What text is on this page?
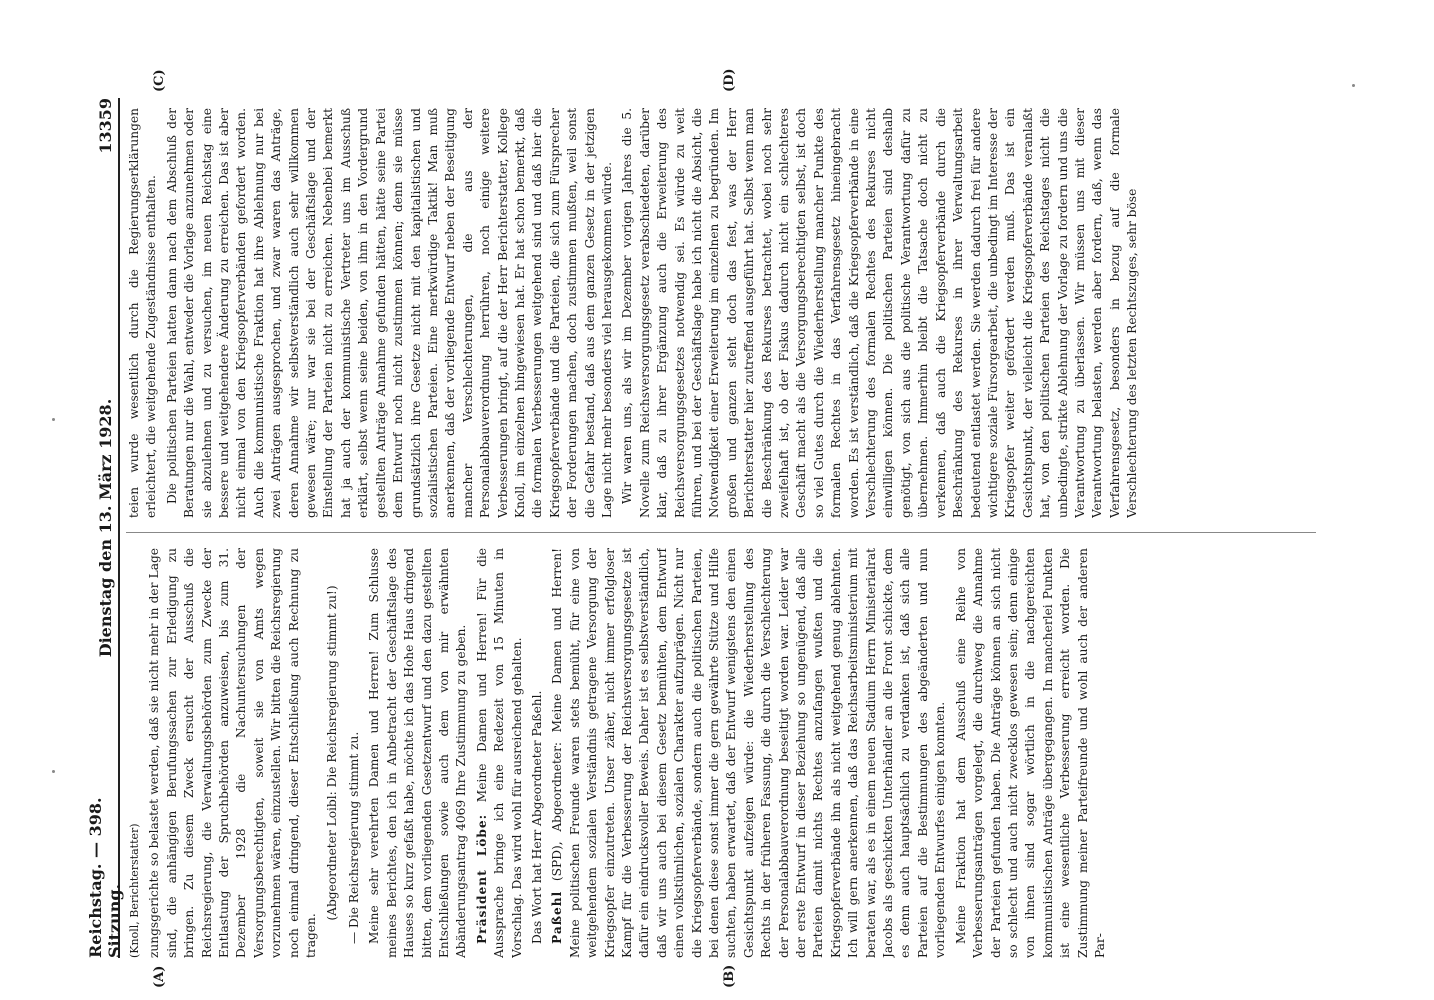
Reichstag. — 398. Sitzung.
Dienstag den 13. März 1928.
13359

(Knoll, Berichterstatter) zungsgerichte so belastet werden, daß sie nicht mehr in der Lage sind, die anhängigen Berufungssachen zur Erledigung zu bringen. Zu diesem Zweck ersucht der Ausschuß die Reichsregierung, die Verwaltungsbehörden zum Zwecke der Entlastung der Spruchbehörden anzuweisen, bis zum 31. Dezember 1928 die Nachuntersuchungen der Versorgungsberechtigten, soweit sie von Amts wegen vorzunehmen wären, einzustellen. Wir bitten die Reichsregierung noch einmal dringend, dieser Entschließung auch Rechnung zu tragen.

(Abgeordneter Loibl: Die Reichsregierung stimmt zu!) — Die Reichsregierung stimmt zu. Meine sehr verehrten Damen und Herren! Zum Schlusse meines Berichtes, den ich in Anbetracht der Geschäftslage des Hauses so kurz gefaßt habe, möchte ich das Hohe Haus dringend bitten, dem vorliegenden Gesetzentwurf und den dazu gestellten Entschließungen sowie auch dem von mir erwähnten Abänderungsantrag 4069 Ihre Zustimmung zu geben. Präsident Löbe: Meine Damen und Herren! Für die Aussprache bringe ich eine Redezeit von 15 Minuten in Vorschlag. Das wird wohl für ausreichend gehalten. Das Wort hat Herr Abgeordneter Paßehl. Paßehl (SPD), Abgeordneter: Meine Damen und Herren! Meine politischen Freunde waren stets bemüht, für eine von weitgehendem sozialen Verständnis getragene Versorgung der Kriegsopfer einzutreten. Unser zäher, nicht immer erfolgloser Kampf für die Verbesserung der Reichsversorgungsgesetze ist dafür ein eindrucksvoller Beweis. Daher ist es selbstverständlich, daß wir uns auch bei diesem Gesetz bemühten, dem Entwurf einen volkstümlichen, sozialen Charakter aufzuprägen. Nicht nur die Kriegsopferverbände, sondern auch die politischen Parteien, bei denen diese sonst immer die gern gewährte Stütze und Hilfe suchten, haben erwartet, daß der Entwurf wenigstens den einen Gesichtspunkt aufzeigen würde: die Wiederherstellung des Rechts in der früheren Fassung, die durch die Verschlechterung der Personalabbauverordnung beseitigt worden war. Leider war der erste Entwurf in dieser Beziehung so ungenügend, daß alle Parteien damit nichts Rechtes anzufangen wußten und die Kriegsopferverbände ihn als nicht weitgehend genug ablehnten. Ich will gern anerkennen, daß das Reichsarbeitsministerium mit beraten war, als es in einem neuen Stadium Herrn Ministerialrat Jacobs als geschickten Unterhändler an die Front schickte, dem es denn auch hauptsächlich zu verdanken ist, daß sich alle Parteien auf die Bestimmungen des abgeänderten und nun vorliegenden Entwurfes einigen konnten. Meine Fraktion hat dem Ausschuß eine Reihe von Verbesserungsanträgen vorgelegt, die durchweg die Annahme der Parteien gefunden haben. Die Anträge können an sich nicht so schlecht und auch nicht zwecklos gewesen sein; denn einige von ihnen sind sogar wörtlich in die nachgereichten kommunistischen Anträge übergegangen. In mancherlei Punkten ist eine wesentliche Verbesserung erreicht worden. Die Zustimmung meiner Parteifreunde und wohl auch der anderen Par-

teien wurde wesentlich durch die Regierungserklärungen erleichtert, die weitgehende Zugeständnisse enthalten. Die politischen Parteien hatten dann nach dem Abschluß der Beratungen nur die Wahl, entweder die Vorlage anzunehmen oder sie abzulehnen und zu versuchen, im neuen Reichstag eine bessere und weitgehendere Änderung zu erreichen. Das ist aber nicht einmal von den Kriegsopferverbänden gefordert worden. Auch die kommunistische Fraktion hat ihre Ablehnung nur bei zwei Anträgen ausgesprochen, und zwar waren das Anträge, deren Annahme wir selbstverständlich auch sehr willkommen gewesen wäre; nur war sie bei der Geschäftslage und der Einstellung der Parteien nicht zu erreichen. Nebenbei bemerkt hat ja auch der kommunistische Vertreter uns im Ausschuß erklärt, selbst wenn seine beiden, von ihm in den Vordergrund gestellten Anträge Annahme gefunden hätten, hätte seine Partei dem Entwurf noch nicht zustimmen können; denn sie müsse grundsätzlich ihre Gesetze nicht mit den kapitalistischen und sozialistischen Parteien. Eine merkwürdige Taktik! Man muß anerkennen, daß der vorliegende Entwurf neben der Beseitigung mancher Verschlechterungen, die aus der Personalabbauverordnung herrühren, noch einige weitere Verbesserungen bringt, auf die der Herr Berichterstatter, Kollege Knoll, im einzelnen hingewiesen hat. Er hat schon bemerkt, daß die formalen Verbesserungen weitgehend sind und daß hier die Kriegsopferverbände und die Parteien, die sich zum Fürsprecher der Forderungen machen, doch zustimmen mußten, weil sonst die Gefahr bestand, daß aus dem ganzen Gesetz in der jetzigen Lage nicht mehr besonders viel herausgekommen würde. Wir waren uns, als wir im Dezember vorigen Jahres die 5. Novelle zum Reichsversorgungsgesetz verabschiedeten, darüber klar, daß zu ihrer Ergänzung auch die Erweiterung des Reichsversorgungsgesetzes notwendig sei. Es würde zu weit führen, und bei der Geschäftslage habe ich nicht die Absicht, die Notwendigkeit einer Erweiterung im einzelnen zu begründen. Im großen und ganzen steht doch das fest, was der Herr Berichterstatter hier zutreffend ausgeführt hat. Selbst wenn man die Beschränkung des Rekurses betrachtet, wobei noch sehr zweifelhaft ist, ob der Fiskus dadurch nicht ein schlechteres Geschäft macht als die Versorgungsberechtigten selbst, ist doch so viel Gutes durch die Wiederherstellung mancher Punkte des formalen Rechtes in das Verfahrensgesetz hineingebracht worden. Es ist verständlich, daß die Kriegsopferverbände in eine Verschlechterung des formalen Rechtes des Rekurses nicht einwilligen können. Die politischen Parteien sind deshalb genötigt, von sich aus die politische Verantwortung dafür zu übernehmen. Immerhin bleibt die Tatsache doch nicht zu verkennen, daß auch die Kriegsopferverbände durch die Beschränkung des Rekurses in ihrer Verwaltungsarbeit bedeutend entlastet werden. Sie werden dadurch frei für andere wichtigere soziale Fürsorgearbeit, die unbedingt im Interesse der Kriegsopfer weiter gefördert werden muß. Das ist ein Gesichtspunkt, der vielleicht die Kriegsopferverbände veranlaßt hat, von den politischen Parteien des Reichstages nicht die unbedingte, strikte Ablehnung der Vorlage zu fordern und uns die Verantwortung zu überlassen. Wir müssen uns mit dieser Verantwortung belasten, werden aber fordern, daß, wenn das Verfahrensgesetz, besonders in bezug auf die formale Verschlechterung des letzten Rechtszuges, sehr böse

(A)	(B)
(C)	(D)
